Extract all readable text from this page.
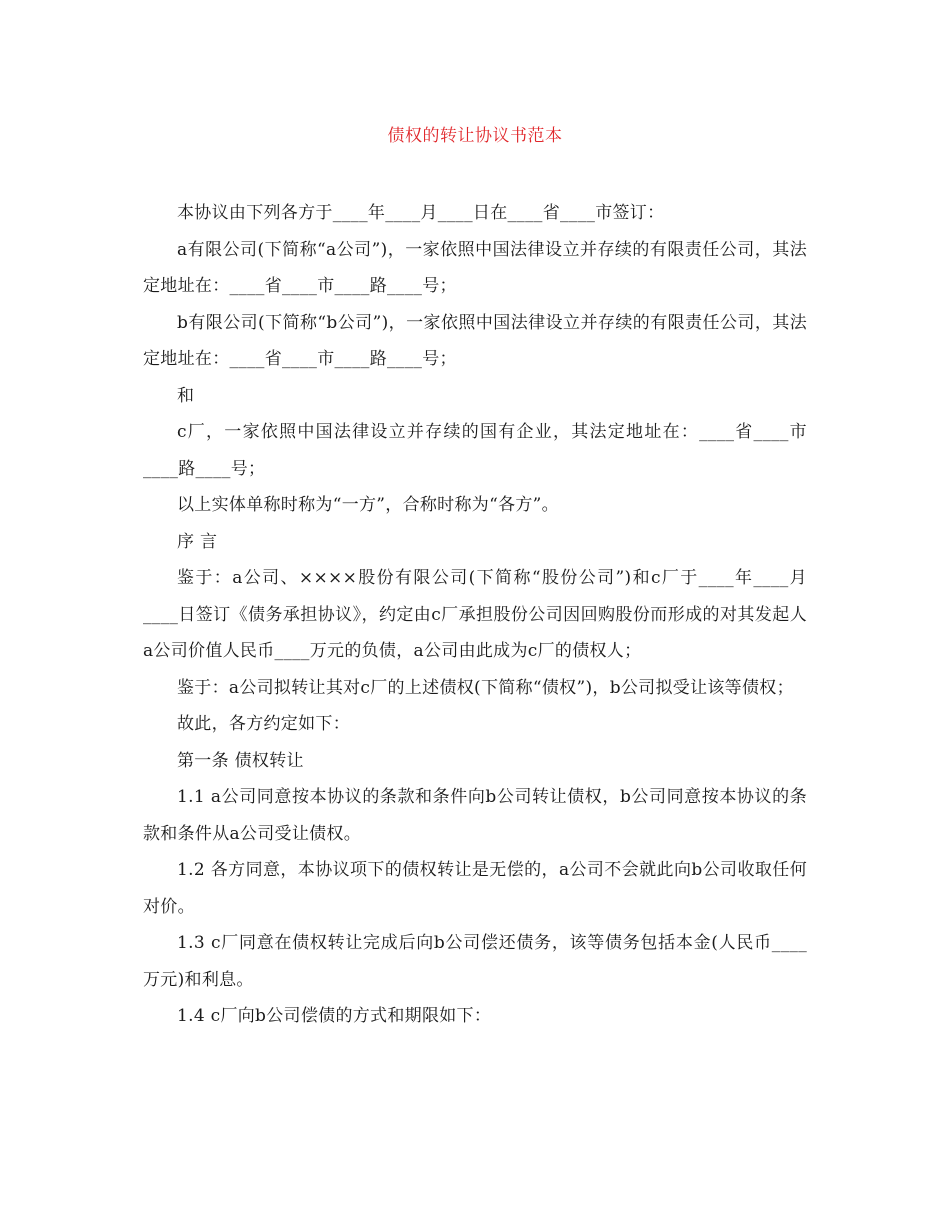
债权的转让协议书范本

本协议由下列各方于____年____月____日在____省____市签订：

a有限公司(下简称“a公司”)，一家依照中国法律设立并存续的有限责任公司，其法定地址在：____省____市____路____号；

b有限公司(下简称“b公司”)，一家依照中国法律设立并存续的有限责任公司，其法定地址在：____省____市____路____号；

和

c厂，一家依照中国法律设立并存续的国有企业，其法定地址在：____省____市____路____号；

以上实体单称时称为“一方”，合称时称为“各方”。

序 言

鉴于：a公司、××××股份有限公司(下简称“股份公司”)和c厂于____年____月____日签订《债务承担协议》，约定由c厂承担股份公司因回购股份而形成的对其发起人a公司价值人民币____万元的负债，a公司由此成为c厂的债权人；

鉴于：a公司拟转让其对c厂的上述债权(下简称“债权”)，b公司拟受让该等债权；

故此，各方约定如下：

第一条 债权转让

1.1 a公司同意按本协议的条款和条件向b公司转让债权，b公司同意按本协议的条款和条件从a公司受让债权。

1.2 各方同意，本协议项下的债权转让是无偿的，a公司不会就此向b公司收取任何对价。

1.3 c厂同意在债权转让完成后向b公司偿还债务，该等债务包括本金(人民币____万元)和利息。

1.4 c厂向b公司偿债的方式和期限如下：
